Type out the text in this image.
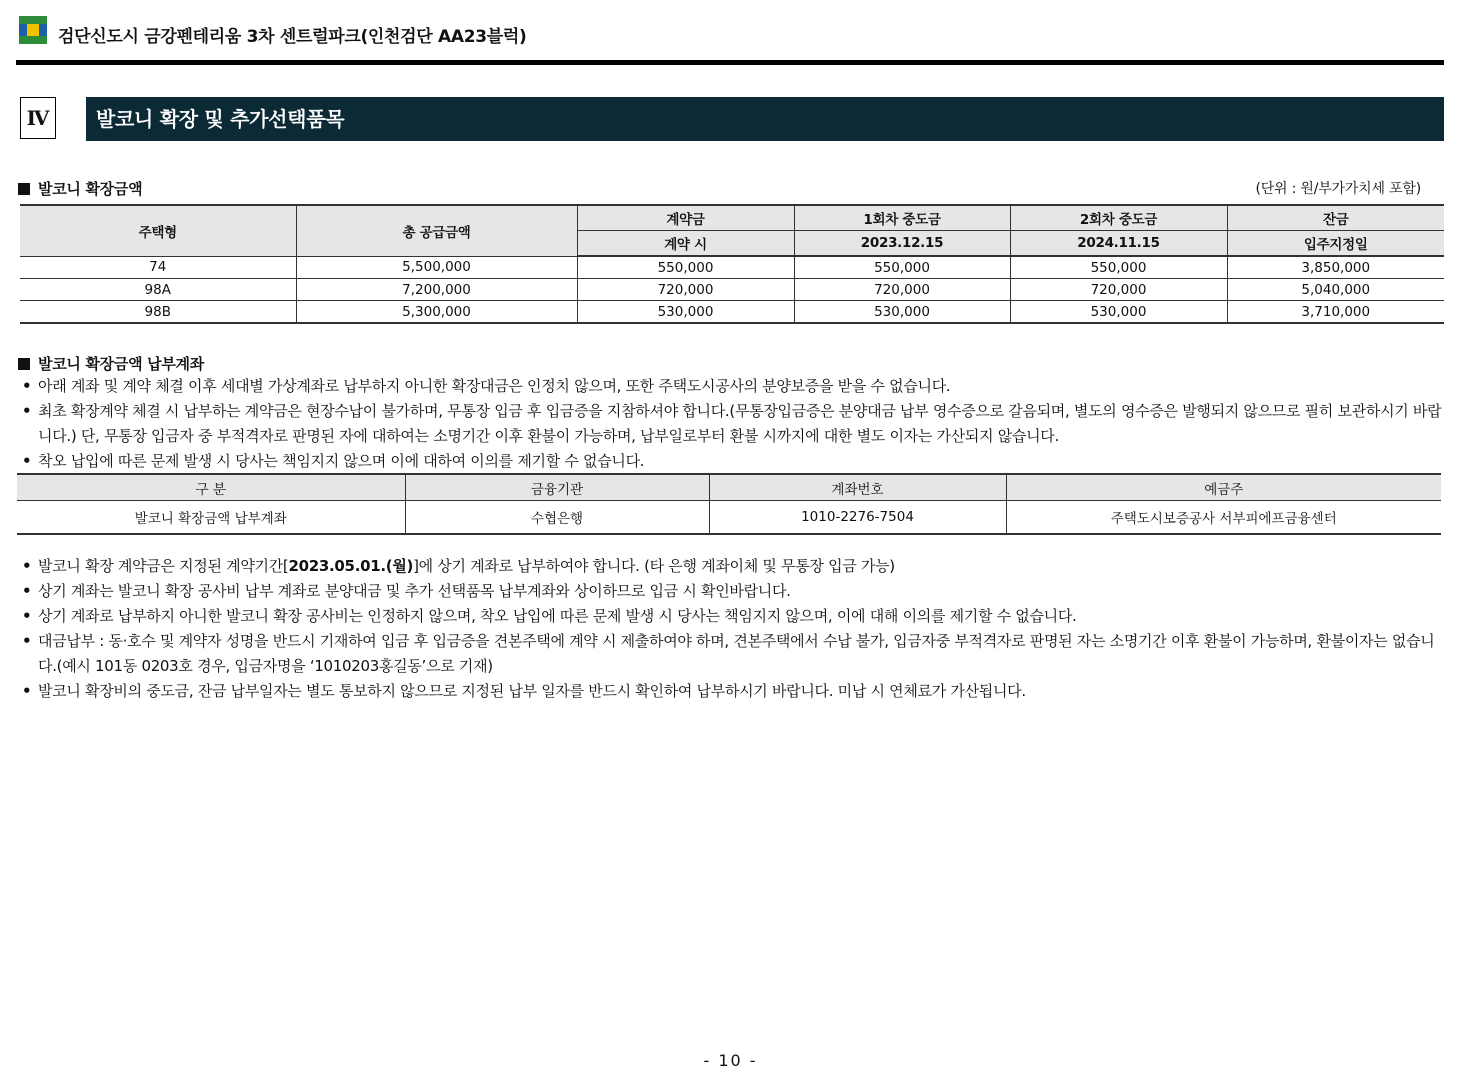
검단신도시 금강펜테리움 3차 센트럴파크(인천검단 AA23블럭)
Ⅳ	발코니 확장 및 추가선택품목
발코니 확장금액	(단위 : 원/부가가치세 포함)
주택형	총 공급금액	계약금	1회차 중도금	2회차 중도금	잔금
		계약 시	2023.12.15	2024.11.15	입주지정일
74	5,500,000	550,000	550,000	550,000	3,850,000
98A	7,200,000	720,000	720,000	720,000	5,040,000
98B	5,300,000	530,000	530,000	530,000	3,710,000
발코니 확장금액 납부계좌
• 아래 계좌 및 계약 체결 이후 세대별 가상계좌로 납부하지 아니한 확장대금은 인정치 않으며, 또한 주택도시공사의 분양보증을 받을 수 없습니다.
• 최초 확장계약 체결 시 납부하는 계약금은 현장수납이 불가하며, 무통장 입금 후 입금증을 지참하셔야 합니다.(무통장입금증은 분양대금 납부 영수증으로 갈음되며, 별도의 영수증은 발행되지 않으므로 필히 보관하시기 바랍니다.) 단, 무통장 입금자 중 부적격자로 판명된 자에 대하여는 소명기간 이후 환불이 가능하며, 납부일로부터 환불 시까지에 대한 별도 이자는 가산되지 않습니다.
• 착오 납입에 따른 문제 발생 시 당사는 책임지지 않으며 이에 대하여 이의를 제기할 수 없습니다.
구 분	금융기관	계좌번호	예금주
발코니 확장금액 납부계좌	수협은행	1010-2276-7504	주택도시보증공사 서부피에프금융센터
• 발코니 확장 계약금은 지정된 계약기간[2023.05.01.(월)]에 상기 계좌로 납부하여야 합니다. (타 은행 계좌이체 및 무통장 입금 가능)
• 상기 계좌는 발코니 확장 공사비 납부 계좌로 분양대금 및 추가 선택품목 납부계좌와 상이하므로 입금 시 확인바랍니다.
• 상기 계좌로 납부하지 아니한 발코니 확장 공사비는 인정하지 않으며, 착오 납입에 따른 문제 발생 시 당사는 책임지지 않으며, 이에 대해 이의를 제기할 수 없습니다.
• 대금납부 : 동·호수 및 계약자 성명을 반드시 기재하여 입금 후 입금증을 견본주택에 계약 시 제출하여야 하며, 견본주택에서 수납 불가, 입금자중 부적격자로 판명된 자는 소명기간 이후 환불이 가능하며, 환불이자는 없습니다.(예시 101동 0203호 경우, 입금자명을 ‘1010203홍길동’으로 기재)
• 발코니 확장비의 중도금, 잔금 납부일자는 별도 통보하지 않으므로 지정된 납부 일자를 반드시 확인하여 납부하시기 바랍니다. 미납 시 연체료가 가산됩니다.
- 10 -
